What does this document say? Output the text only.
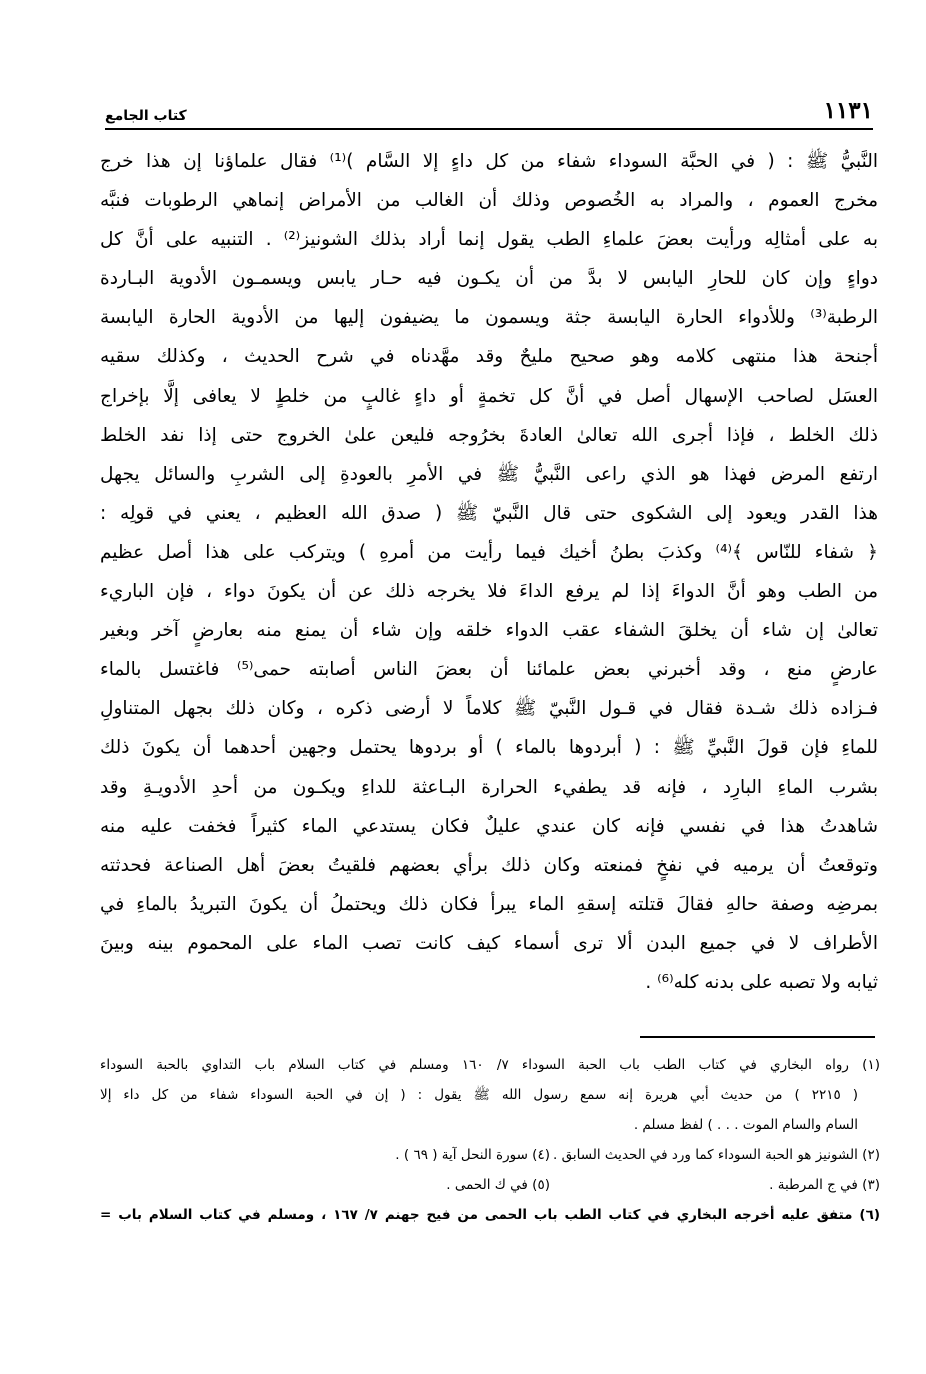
١١٣١
كتاب الجامع
النَّبيُّ ﷺ : ( في الحبَّة السوداء شفاء من كل داءٍ إلا السَّام )⁽¹⁾ فقال علماؤنا إن هذا خرج
مخرج العموم ، والمراد به الخُصوص وذلك أن الغالب من الأمراض إنماهي الرطوبات فنبَّه
به على أمثالِه ورأيت بعضَ علماءِ الطب يقول إنما أراد بذلك الشونيز⁽²⁾ . التنبيه على أنَّ كل
دواءٍ وإن كان للحارِ اليابس لا بدَّ من أن يكـون فيه حـار يابس ويسمـون الأدوية البـاردة
الرطبة⁽³⁾ وللأدواء الحارة اليابسة جثة ويسمون ما يضيفون إليها من الأدوية الحارة اليابسة
أجنحة هذا منتهى كلامه وهو صحيح مليحٌ وقد مهَّدناه في شرح الحديث ، وكذلك سقيه
العسَل لصاحب الإسهال أصل في أنَّ كل تخمةٍ أو داءٍ غالبٍ من خلطٍ لا يعافى إلَّا بإخراج
ذلك الخلط ، فإذا أجرى الله تعالىٰ العادةَ بخرُوجه فليعن علىٰ الخروج حتى إذا نفد الخلط
ارتفع المرض فهذا هو الذي راعى النَّبيُّ ﷺ في الأمرِ بالعودةِ إلى الشربِ والسائل يجهل
هذا القدر ويعود إلى الشكوى حتى قال النَّبيّ ﷺ ( صدق الله العظيم ، يعني في قولِه :
﴿ شفاء للنّاس ﴾⁽⁴⁾ وكذبَ بطنُ أخيك فيما رأيت من أمرهِ ) ويتركب على هذا أصل عظيم
من الطب وهو أنَّ الدواءَ إذا لم يرفع الداءَ فلا يخرجه ذلك عن أن يكونَ دواء ، فإن الباريء
تعالىٰ إن شاء أن يخلقَ الشفاء عقب الدواء خلقه وإن شاء أن يمنع منه بعارضٍ آخر وبغير
عارضٍ منع ، وقد أخبرني بعض علمائنا أن بعضَ الناس أصابته حمى⁽⁵⁾ فاغتسل بالماء
فـزاده ذلك شـدة فقال في قـول النَّبيّ ﷺ كلاماً لا أرضى ذكره ، وكان ذلك بجهل المتناولِ
للماءِ فإن قولَ النَّبيِّ ﷺ : ( أبردوها بالماء ) أو بردوها يحتمل وجهين أحدهما أن يكونَ ذلك
بشرب الماءِ البارِد ، فإنه قد يطفيء الحرارة البـاعثة للداءِ ويكـون من أحدِ الأدويـةِ وقد
شاهدتُ هذا في نفسي فإنه كان عندي عليلٌ فكان يستدعي الماء كثيراً فخفت عليه منه
وتوقعتُ أن يرميه في نفخٍ فمنعته وكان ذلك برأي بعضهم فلقيتُ بعضَ أهل الصناعة فحدثته
بمرضِه وصفة حالهِ فقالَ قتلته إسقهِ الماء يبرأ فكان ذلك ويحتملُ أن يكونَ التبريدُ بالماءِ في
الأطراف لا في جميع البدن ألا ترى أسماء كيف كانت تصب الماء على المحموم بينه وبينَ
ثيابه ولا تصبه على بدنه كله⁽⁶⁾ .
(١) رواه البخاري في كتاب الطب باب الحبة السوداء ٧/ ١٦٠ ومسلم في كتاب السلام باب التداوي بالحبة السوداء
( ٢٢١٥ ) من حديث أبي هريرة إنه سمع رسول الله ﷺ يقول : ( إن في الحبة السوداء شفاء من كل داء إلا
السام والسام الموت . . . ) لفظ مسلم .
(٢) الشونيز هو الحبة السوداء كما ورد في الحديث السابق .
(٤) سورة النحل آية ( ٦٩ ) .
(٣) في ج المرطبة .
(٥) في ك الحمى .
(٦) متفق عليه أخرجه البخاري في كتاب الطب باب الحمى من فيح جهنم ٧/ ١٦٧ ، ومسلم في كتاب السلام باب =
